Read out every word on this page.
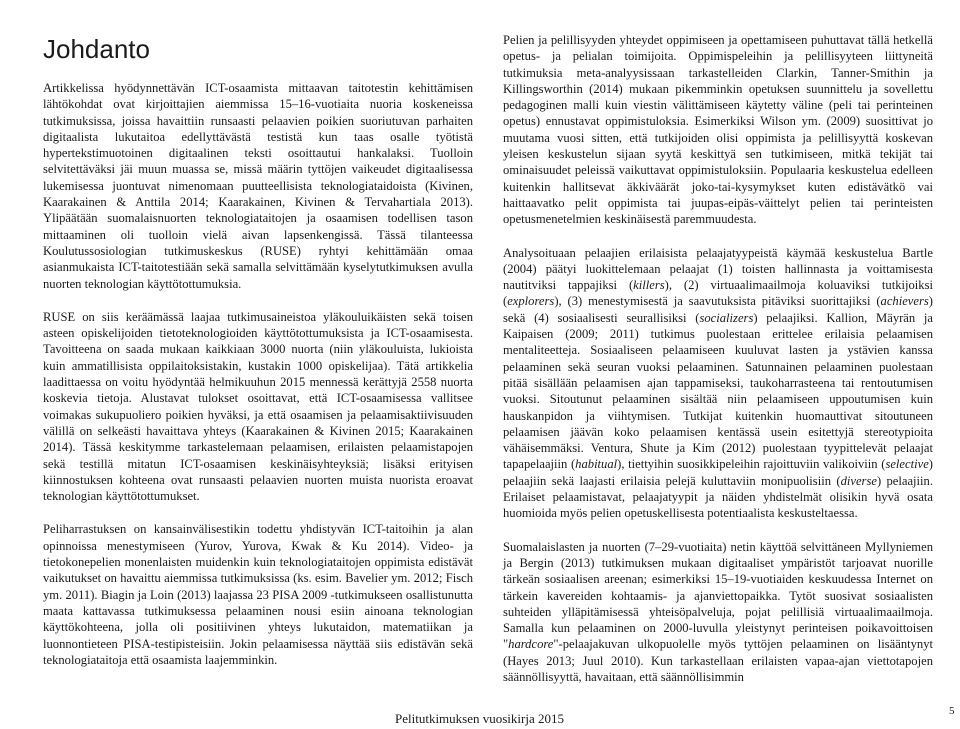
Johdanto

Artikkelissa hyödynnettävän ICT-osaamista mittaavan taitotestin kehittämisen lähtökohdat ovat kirjoittajien aiemmissa 15–16-vuotiaita nuoria koskeneissa tutkimuksissa, joissa havaittiin runsaasti pelaavien poikien suoriutuvan parhaiten digitaalista lukutaitoa edellyttävästä testistä kun taas osalle työtistä hypertekstimuotoinen digitaalinen teksti osoittautui hankalaksi. Tuolloin selvitettäväksi jäi muun muassa se, missä määrin tyttöjen vaikeudet digitaalisessa lukemisessa juontuvat nimenomaan puutteellisista teknologiataidoista (Kivinen, Kaarakainen & Anttila 2014; Kaarakainen, Kivinen & Tervahartiala 2013). Ylipäätään suomalaisnuorten teknologiataitojen ja osaamisen todellisen tason mittaaminen oli tuolloin vielä aivan lapsenkengissä. Tässä tilanteessa Koulutussosiologian tutkimuskeskus (RUSE) ryhtyi kehittämään omaa asianmukaista ICT-taitotestiään sekä samalla selvittämään kyselytutkimuksen avulla nuorten teknologian käyttötottumuksia.

RUSE on siis keräämässä laajaa tutkimusaineistoa yläkouluikäisten sekä toisen asteen opiskelijoiden tietoteknologioiden käyttötottumuksista ja ICT-osaamisesta. Tavoitteena on saada mukaan kaikkiaan 3000 nuorta (niin yläkouluista, lukioista kuin ammatillisista oppilaitoksistakin, kustakin 1000 opiskelijaa). Tätä artikkelia laadittaessa on voitu hyödyntää helmikuuhun 2015 mennessä kerättyjä 2558 nuorta koskevia tietoja. Alustavat tulokset osoittavat, että ICT-osaamisessa vallitsee voimakas sukupuoliero poikien hyväksi, ja että osaamisen ja pelaamisaktiivisuuden välillä on selkeästi havaittava yhteys (Kaarakainen & Kivinen 2015; Kaarakainen 2014). Tässä keskitymme tarkastelemaan pelaamisen, erilaisten pelaamistapojen sekä testillä mitatun ICT-osaamisen keskinäisyhteyksiä; lisäksi erityisen kiinnostuksen kohteena ovat runsaasti pelaavien nuorten muista nuorista eroavat teknologian käyttötottumukset.

Peliharrastuksen on kansainvälisestikin todettu yhdistyvän ICT-taitoihin ja alan opinnoissa menestymiseen (Yurov, Yurova, Kwak & Ku 2014). Video- ja tietokonepelien monenlaisten muidenkin kuin teknologiataitojen oppimista edistävät vaikutukset on havaittu aiemmissa tutkimuksissa (ks. esim. Bavelier ym. 2012; Fisch ym. 2011). Biagin ja Loin (2013) laajassa 23 PISA 2009 -tutkimukseen osallistunutta maata kattavassa tutkimuksessa pelaaminen nousi esiin ainoana teknologian käyttökohteena, jolla oli positiivinen yhteys lukutaidon, matematiikan ja luonnontieteen PISA-testipisteisiin. Jokin pelaamisessa näyttää siis edistävän sekä teknologiataitoja että osaamista laajemminkin.

Pelien ja pelillisyyden yhteydet oppimiseen ja opettamiseen puhuttavat tällä hetkellä opetus- ja pelialan toimijoita. Oppimispeleihin ja pelillisyyteen liittyneitä tutkimuksia meta-analyysissaan tarkastelleiden Clarkin, Tanner-Smithin ja Killingsworthin (2014) mukaan pikemminkin opetuksen suunnittelu ja sovellettu pedagoginen malli kuin viestin välittämiseen käytetty väline (peli tai perinteinen opetus) ennustavat oppimistuloksia. Esimerkiksi Wilson ym. (2009) suosittivat jo muutama vuosi sitten, että tutkijoiden olisi oppimista ja pelillisyyttä koskevan yleisen keskustelun sijaan syytä keskittyä sen tutkimiseen, mitkä tekijät tai ominaisuudet peleissä vaikuttavat oppimistuloksiin. Populaaria keskustelua edelleen kuitenkin hallitsevat äkkiväärät joko-tai-kysymykset kuten edistävätkö vai haittaavatko pelit oppimista tai juupas-eipäs-väittelyt pelien tai perinteisten opetusmenetelmien keskinäisestä paremmuudesta.

Analysoituaan pelaajien erilaisista pelaajatyypeistä käymää keskustelua Bartle (2004) päätyi luokittelemaan pelaajat (1) toisten hallinnasta ja voittamisesta nautitviksi tappajiksi (killers), (2) virtuaalimaailmoja koluaviksi tutkijoiksi (explorers), (3) menestymisestä ja saavutuksista pitäviksi suorittajiksi (achievers) sekä (4) sosiaalisesti seurallisiksi (socializers) pelaajiksi. Kallion, Mäyrän ja Kaipaisen (2009; 2011) tutkimus puolestaan erittelee erilaisia pelaamisen mentaliteetteja. Sosiaaliseen pelaamiseen kuuluvat lasten ja ystävien kanssa pelaaminen sekä seuran vuoksi pelaaminen. Satunnainen pelaaminen puolestaan pitää sisällään pelaamisen ajan tappamiseksi, taukoharrasteena tai rentoutumisen vuoksi. Sitoutunut pelaaminen sisältää niin pelaamiseen uppoutumisen kuin hauskanpidon ja viihtymisen. Tutkijat kuitenkin huomauttivat sitoutuneen pelaamisen jäävän koko pelaamisen kentässä usein esitettyjä stereotypioita vähäisemmäksi. Ventura, Shute ja Kim (2012) puolestaan tyypittelevät pelaajat tapapelaajiin (habitual), tiettyihin suosikkipeleihin rajoittuviin valikoiviin (selective) pelaajiin sekä laajasti erilaisia pelejä kuluttaviin monipuolisiin (diverse) pelaajiin. Erilaiset pelaamistavat, pelaajatyypit ja näiden yhdistelmät olisikin hyvä osata huomioida myös pelien opetuskellisesta potentiaalista keskusteltaessa.

Suomalaislasten ja nuorten (7–29-vuotiaita) netin käyttöä selvittäneen Myllyniemen ja Bergin (2013) tutkimuksen mukaan digitaaliset ympäristöt tarjoavat nuorille tärkeän sosiaalisen areenan; esimerkiksi 15–19-vuotiaiden keskuudessa Internet on tärkein kavereiden kohtaamis- ja ajanviettopaikka. Tytöt suosivat sosiaalisten suhteiden ylläpitämisessä yhteisöpalveluja, pojat pelillisiä virtuaalimaailmoja. Samalla kun pelaaminen on 2000-luvulla yleistynyt perinteisen poikavoittoisen "hardcore"-pelaajakuvan ulkopuolelle myös tyttöjen pelaaminen on lisääntynyt (Hayes 2013; Juul 2010). Kun tarkastellaan erilaisten vapaa-ajan viettotapojen säännöllisyyttä, havaitaan, että säännöllisimmin

Pelitutkimuksen vuosikirja 2015	5
